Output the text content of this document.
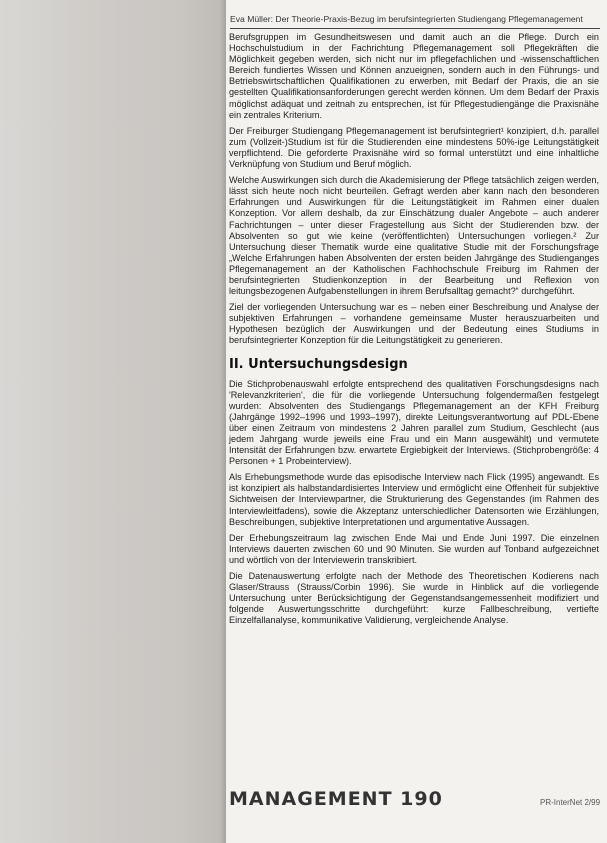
Eva Müller: Der Theorie-Praxis-Bezug im berufsintegrierten Studiengang Pflegemanagement

Berufsgruppen im Gesundheitswesen und damit auch an die Pflege. Durch ein Hochschulstudium in der Fachrichtung Pflegemanagement soll Pflegekräften die Möglichkeit gegeben werden, sich nicht nur im pflegefachlichen und -wissenschaftlichen Bereich fundiertes Wissen und Können anzueignen, sondern auch in den Führungs- und Betriebswirtschaftlichen Qualifikationen zu erwerben, mit Bedarf der Praxis, die an sie gestellten Qualifikationsanforderungen gerecht werden können. Um dem Bedarf der Praxis möglichst adäquat und zeitnah zu entsprechen, ist für Pflegestudiengänge die Praxisnähe ein zentrales Kriterium.

Der Freiburger Studiengang Pflegemanagement ist berufsintegriert¹ konzipiert, d.h. parallel zum (Vollzeit-)Studium ist für die Studierenden eine mindestens 50%-ige Leitungstätigkeit verpflichtend. Die geforderte Praxisnähe wird so formal unterstützt und eine inhaltliche Verknüpfung von Studium und Beruf möglich.

Welche Auswirkungen sich durch die Akademisierung der Pflege tatsächlich zeigen werden, lässt sich heute noch nicht beurteilen. Gefragt werden aber kann nach den besonderen Erfahrungen und Auswirkungen für die Leitungstätigkeit im Rahmen einer dualen Konzeption. Vor allem deshalb, da zur Einschätzung dualer Angebote – auch anderer Fachrichtungen – unter dieser Fragestellung aus Sicht der Studierenden bzw. der Absolventen so gut wie keine (veröffentlichten) Untersuchungen vorliegen.² Zur Untersuchung dieser Thematik wurde eine qualitative Studie mit der Forschungsfrage „Welche Erfahrungen haben Absolventen der ersten beiden Jahrgänge des Studienganges Pflegemanagement an der Katholischen Fachhochschule Freiburg im Rahmen der berufsintegrierten Studienkonzeption in der Bearbeitung und Reflexion von leitungsbezogenen Aufgabenstellungen in ihrem Berufsalltag gemacht?“ durchgeführt.

Ziel der vorliegenden Untersuchung war es – neben einer Beschreibung und Analyse der subjektiven Erfahrungen – vorhandene gemeinsame Muster herauszuarbeiten und Hypothesen bezüglich der Auswirkungen und der Bedeutung eines Studiums in berufsintegrierter Konzeption für die Leitungstätigkeit zu generieren.

II. Untersuchungsdesign

Die Stichprobenauswahl erfolgte entsprechend des qualitativen Forschungsdesigns nach 'Relevanzkriterien', die für die vorliegende Untersuchung folgendermaßen festgelegt wurden: Absolventen des Studiengangs Pflegemanagement an der KFH Freiburg (Jahrgänge 1992–1996 und 1993–1997), direkte Leitungsverantwortung auf PDL-Ebene über einen Zeitraum von mindestens 2 Jahren parallel zum Studium, Geschlecht (aus jedem Jahrgang wurde jeweils eine Frau und ein Mann ausgewählt) und vermutete Intensität der Erfahrungen bzw. erwartete Ergiebigkeit der Interviews. (Stichprobengröße: 4 Personen + 1 Probeinterview).

Als Erhebungsmethode wurde das episodische Interview nach Flick (1995) angewandt. Es ist konzipiert als halbstandardisiertes Interview und ermöglicht eine Offenheit für subjektive Sichtweisen der Interviewpartner, die Strukturierung des Gegenstandes (im Rahmen des Interviewleitfadens), sowie die Akzeptanz unterschiedlicher Datensorten wie Erzählungen, Beschreibungen, subjektive Interpretationen und argumentative Aussagen.

Der Erhebungszeitraum lag zwischen Ende Mai und Ende Juni 1997. Die einzelnen Interviews dauerten zwischen 60 und 90 Minuten. Sie wurden auf Tonband aufgezeichnet und wörtlich von der Interviewerin transkribiert.

Die Datenauswertung erfolgte nach der Methode des Theoretischen Kodierens nach Glaser/Strauss (Strauss/Corbin 1996). Sie wurde in Hinblick auf die vorliegende Untersuchung unter Berücksichtigung der Gegenstandsangemessenheit modifiziert und folgende Auswertungsschritte durchgeführt: kurze Fallbeschreibung, vertiefte Einzelfallanalyse, kommunikative Validierung, vergleichende Analyse.

MANAGEMENT 190	PR-InterNet 2/99
